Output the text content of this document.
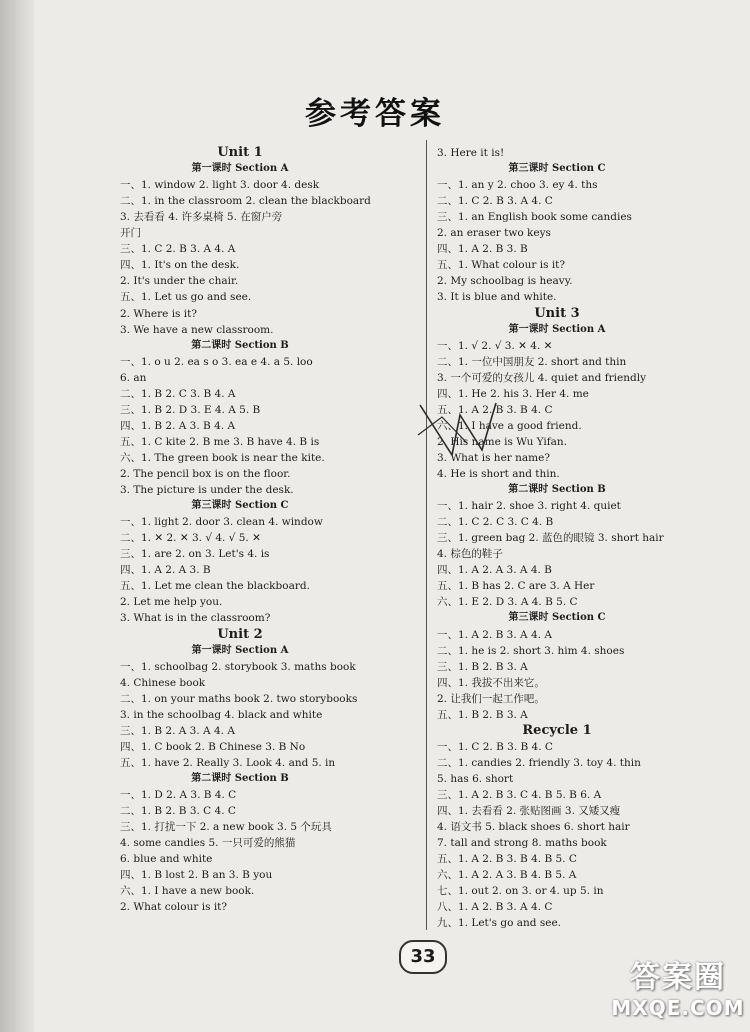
参考答案
Unit 1
第一课时 Section A
一、1. window 2. light 3. door 4. desk
二、1. in the classroom 2. clean the blackboard
3. 去看看 4. 许多桌椅 5. 在窗户旁
开门
三、1. C 2. B 3. A 4. A
四、1. It's on the desk.
2. It's under the chair.
五、1. Let us go and see.
2. Where is it?
3. We have a new classroom.
第二课时 Section B
一、1. o u 2. ea s o 3. ea e 4. a 5. loo
6. an
二、1. B 2. C 3. B 4. A
三、1. B 2. D 3. E 4. A 5. B
四、1. B 2. A 3. B 4. A
五、1. C kite 2. B me 3. B have 4. B is
六、1. The green book is near the kite.
2. The pencil box is on the floor.
3. The picture is under the desk.
第三课时 Section C
一、1. light 2. door 3. clean 4. window
二、1. ✕ 2. ✕ 3. √ 4. √ 5. ✕
三、1. are 2. on 3. Let's 4. is
四、1. A 2. A 3. B
五、1. Let me clean the blackboard.
2. Let me help you.
3. What is in the classroom?
Unit 2
第一课时 Section A
一、1. schoolbag 2. storybook 3. maths book
4. Chinese book
二、1. on your maths book 2. two storybooks
3. in the schoolbag 4. black and white
三、1. B 2. A 3. A 4. A
四、1. C book 2. B Chinese 3. B No
五、1. have 2. Really 3. Look 4. and 5. in
第二课时 Section B
一、1. D 2. A 3. B 4. C
二、1. B 2. B 3. C 4. C
三、1. 打扰一下 2. a new book 3. 5 个玩具
4. some candies 5. 一只可爱的熊猫
6. blue and white
四、1. B lost 2. B an 3. B you
六、1. I have a new book.
2. What colour is it?
3. Here it is!
第三课时 Section C
一、1. an y 2. choo 3. ey 4. ths
二、1. C 2. B 3. A 4. C
三、1. an English book some candies
2. an eraser two keys
四、1. A 2. B 3. B
五、1. What colour is it?
2. My schoolbag is heavy.
3. It is blue and white.
Unit 3
第一课时 Section A
一、1. √ 2. √ 3. ✕ 4. ✕
二、1. 一位中国朋友 2. short and thin
3. 一个可爱的女孩儿 4. quiet and friendly
四、1. He 2. his 3. Her 4. me
五、1. A 2. B 3. B 4. C
六、1. I have a good friend.
2. His name is Wu Yifan.
3. What is her name?
4. He is short and thin.
第二课时 Section B
一、1. hair 2. shoe 3. right 4. quiet
二、1. C 2. C 3. C 4. B
三、1. green bag 2. 蓝色的眼镜 3. short hair
4. 棕色的鞋子
四、1. A 2. A 3. A 4. B
五、1. B has 2. C are 3. A Her
六、1. E 2. D 3. A 4. B 5. C
第三课时 Section C
一、1. A 2. B 3. A 4. A
二、1. he is 2. short 3. him 4. shoes
三、1. B 2. B 3. A
四、1. 我拔不出来它。
2. 让我们一起工作吧。
五、1. B 2. B 3. A
Recycle 1
一、1. C 2. B 3. B 4. C
二、1. candies 2. friendly 3. toy 4. thin
5. has 6. short
三、1. A 2. B 3. C 4. B 5. B 6. A
四、1. 去看看 2. 张贴图画 3. 又矮又瘦
4. 语文书 5. black shoes 6. short hair
7. tall and strong 8. maths book
五、1. A 2. B 3. B 4. B 5. C
六、1. A 2. A 3. B 4. B 5. A
七、1. out 2. on 3. or 4. up 5. in
八、1. A 2. B 3. A 4. C
九、1. Let's go and see.
33
答案圈
MXQE.COM
